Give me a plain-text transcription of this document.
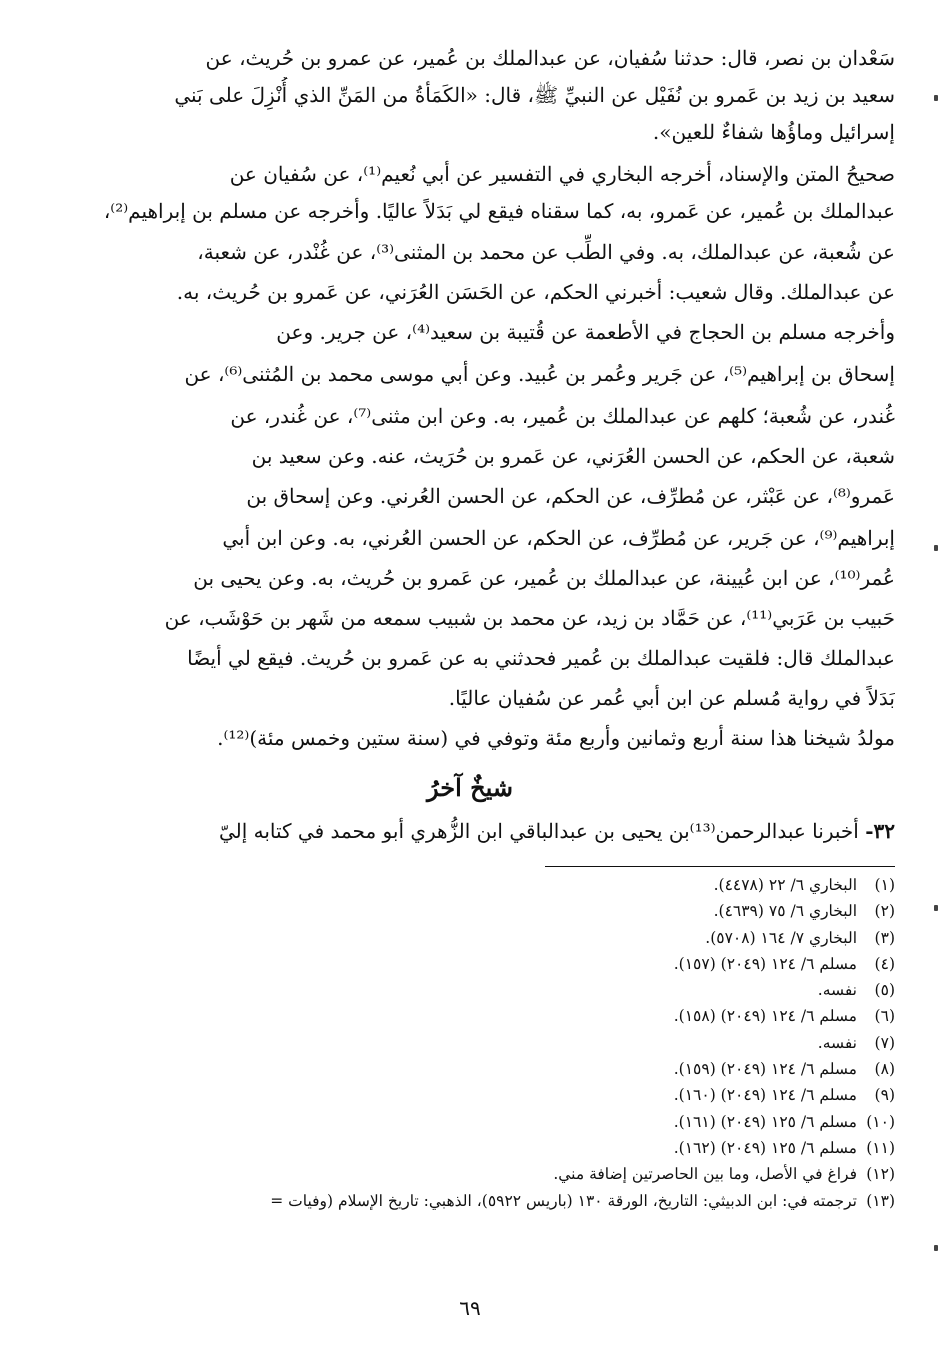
سَعْدان بن نصر، قال: حدثنا سُفيان، عن عبدالملك بن عُمير، عن عمرو بن حُريث، عن
سعيد بن زيد بن عَمرو بن نُفَيْل عن النبيِّ ﷺ، قال: «الكَمَأةُ من المَنِّ الذي أُنْزِلَ على بَني
إسرائيل وماؤُها شفاءٌ للعين».
صحيحُ المتن والإسناد، أخرجه البخاري في التفسير عن أبي نُعيم⁽¹⁾، عن سُفيان عن
عبدالملك بن عُمير، عن عَمرو، به، كما سقناه فيقع لي بَدَلاً عاليًا. وأخرجه عن مسلم بن إبراهيم⁽²⁾،
عن شُعبة، عن عبدالملك، به. وفي الطِّب عن محمد بن المثنى⁽³⁾، عن غُنْدر، عن شعبة،
عن عبدالملك. وقال شعيب: أخبرني الحكم، عن الحَسَن العُرَني، عن عَمرو بن حُريث، به.
وأخرجه مسلم بن الحجاج في الأطعمة عن قُتيبة بن سعيد⁽⁴⁾، عن جرير. وعن
إسحاق بن إبراهيم⁽⁵⁾، عن جَرير وعُمر بن عُبيد. وعن أبي موسى محمد بن المُثنى⁽⁶⁾، عن
غُندر، عن شُعبة؛ كلهم عن عبدالملك بن عُمير، به. وعن ابن مثنى⁽⁷⁾، عن غُندر، عن
شعبة، عن الحكم، عن الحسن العُرَني، عن عَمرو بن حُرَيث، عنه. وعن سعيد بن
عَمرو⁽⁸⁾، عن عَبْثر، عن مُطرِّف، عن الحكم، عن الحسن العُرني. وعن إسحاق بن
إبراهيم⁽⁹⁾، عن جَرير، عن مُطرِّف، عن الحكم، عن الحسن العُرني، به. وعن ابن أبي
عُمر⁽¹⁰⁾، عن ابن عُيينة، عن عبدالملك بن عُمير، عن عَمرو بن حُريث، به. وعن يحيى بن
حَبيب بن عَرَبي⁽¹¹⁾، عن حَمَّاد بن زيد، عن محمد بن شبيب سمعه من شَهر بن حَوْشَب، عن
عبدالملك قال: فلقيت عبدالملك بن عُمير فحدثني به عن عَمرو بن حُريث. فيقع لي أيضًا
بَدَلاً في رواية مُسلم عن ابن أبي عُمر عن سُفيان عاليًا.
مولدُ شيخنا هذا سنة أربع وثمانين وأربع مئة وتوفي في (سنة ستين وخمس مئة)⁽¹²⁾.
شيخٌ آخرُ
٣٢- أخبرنا عبدالرحمن⁽¹³⁾بن يحيى بن عبدالباقي ابن الزُّهري أبو محمد في كتابه إليّ
(١)
البخاري ٦/ ٢٢ (٤٤٧٨).
(٢)
البخاري ٦/ ٧٥ (٤٦٣٩).
(٣)
البخاري ٧/ ١٦٤ (٥٧٠٨).
(٤)
مسلم ٦/ ١٢٤ (٢٠٤٩) (١٥٧).
(٥)
نفسه.
(٦)
مسلم ٦/ ١٢٤ (٢٠٤٩) (١٥٨).
(٧)
نفسه.
(٨)
مسلم ٦/ ١٢٤ (٢٠٤٩) (١٥٩).
(٩)
مسلم ٦/ ١٢٤ (٢٠٤٩) (١٦٠).
(١٠)
مسلم ٦/ ١٢٥ (٢٠٤٩) (١٦١).
(١١)
مسلم ٦/ ١٢٥ (٢٠٤٩) (١٦٢).
(١٢)
فراغ في الأصل، وما بين الحاصرتين إضافة مني.
(١٣)
ترجمته في: ابن الدبيثي: التاريخ، الورقة ١٣٠ (باريس ٥٩٢٢)، الذهبي: تاريخ الإسلام (وفيات =
٦٩
